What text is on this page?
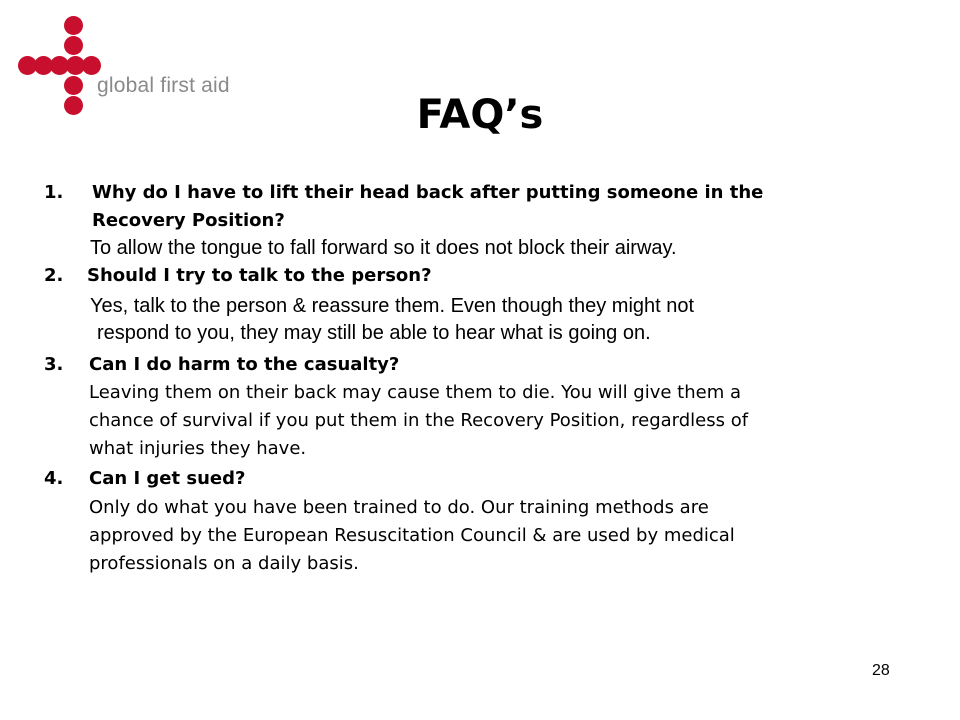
global first aid
FAQ’s
1. Why do I have to lift their head back after putting someone in the
Recovery Position?
To allow the tongue to fall forward so it does not block their airway.
2. Should I try to talk to the person?
Yes, talk to the person & reassure them. Even though they might not
respond to you, they may still be able to hear what is going on.
3. Can I do harm to the casualty?
Leaving them on their back may cause them to die. You will give them a
chance of survival if you put them in the Recovery Position, regardless of
what injuries they have.
4. Can I get sued?
Only do what you have been trained to do. Our training methods are
approved by the European Resuscitation Council & are used by medical
professionals on a daily basis.
28
